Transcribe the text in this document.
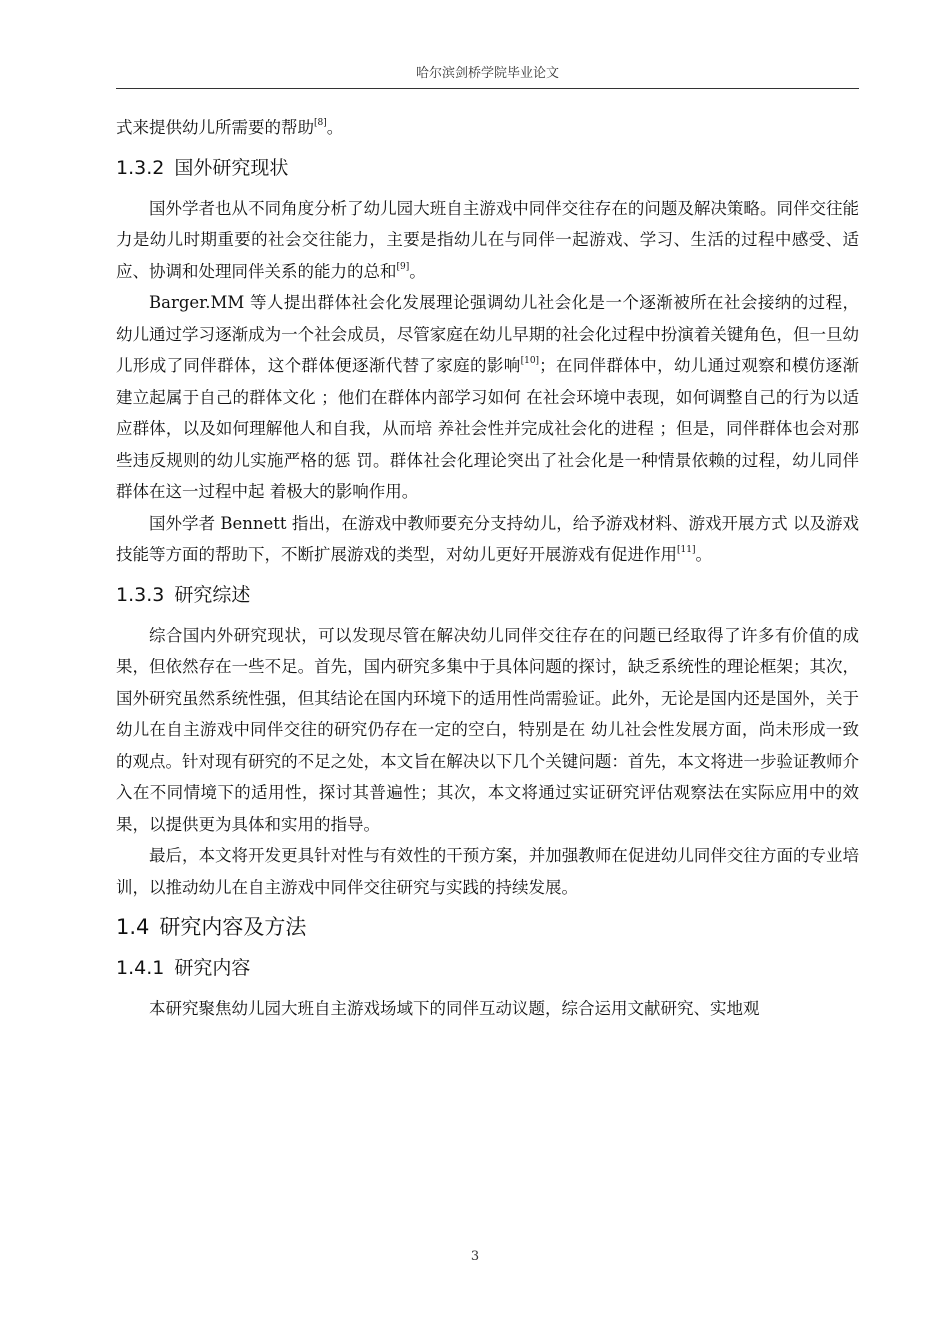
哈尔滨剑桥学院毕业论文

式来提供幼儿所需要的帮助[8]。

1.3.2 国外研究现状

国外学者也从不同角度分析了幼儿园大班自主游戏中同伴交往存在的问题及解决策略。同伴交往能力是幼儿时期重要的社会交往能力，主要是指幼儿在与同伴一起游戏、学习、生活的过程中感受、适应、协调和处理同伴关系的能力的总和[9]。

Barger.MM 等人提出群体社会化发展理论强调幼儿社会化是一个逐渐被所在社会接纳的过程，幼儿通过学习逐渐成为一个社会成员，尽管家庭在幼儿早期的社会化过程中扮演着关键角色，但一旦幼儿形成了同伴群体，这个群体便逐渐代替了家庭的影响[10]；在同伴群体中，幼儿通过观察和模仿逐渐建立起属于自己的群体文化 ；他们在群体内部学习如何 在社会环境中表现，如何调整自己的行为以适应群体，以及如何理解他人和自我，从而培 养社会性并完成社会化的进程 ；但是，同伴群体也会对那些违反规则的幼儿实施严格的惩 罚。群体社会化理论突出了社会化是一种情景依赖的过程，幼儿同伴群体在这一过程中起 着极大的影响作用。

国外学者 Bennett 指出，在游戏中教师要充分支持幼儿，给予游戏材料、游戏开展方式 以及游戏技能等方面的帮助下，不断扩展游戏的类型，对幼儿更好开展游戏有促进作用[11]。

1.3.3 研究综述

综合国内外研究现状，可以发现尽管在解决幼儿同伴交往存在的问题已经取得了许多有价值的成果，但依然存在一些不足。首先，国内研究多集中于具体问题的探讨，缺乏系统性的理论框架；其次，国外研究虽然系统性强，但其结论在国内环境下的适用性尚需验证。此外，无论是国内还是国外，关于幼儿在自主游戏中同伴交往的研究仍存在一定的空白，特别是在 幼儿社会性发展方面，尚未形成一致的观点。针对现有研究的不足之处，本文旨在解决以下几个关键问题：首先，本文将进一步验证教师介入在不同情境下的适用性，探讨其普遍性；其次，本文将通过实证研究评估观察法在实际应用中的效果，以提供更为具体和实用的指导。

最后，本文将开发更具针对性与有效性的干预方案，并加强教师在促进幼儿同伴交往方面的专业培训，以推动幼儿在自主游戏中同伴交往研究与实践的持续发展。

1.4 研究内容及方法
1.4.1 研究内容

本研究聚焦幼儿园大班自主游戏场域下的同伴互动议题，综合运用文献研究、实地观

3
